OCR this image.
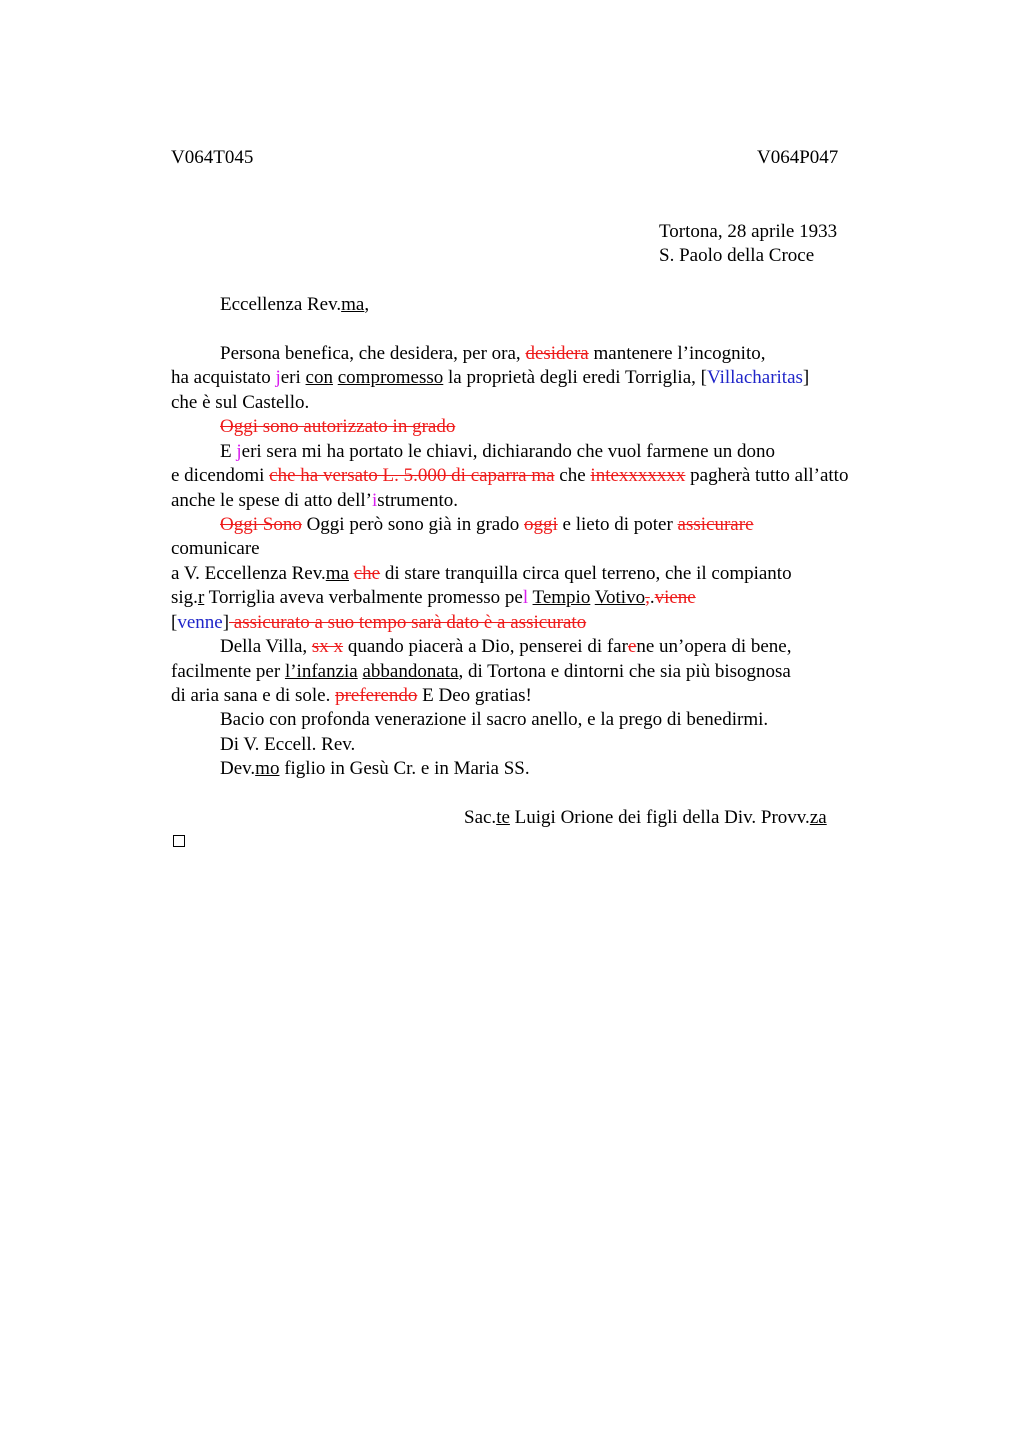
V064T045	V064P047
Tortona, 28 aprile 1933
S. Paolo della Croce
Eccellenza Rev.ma,
Persona benefica, che desidera, per ora, desidera mantenere l’incognito,
ha acquistato jeri con compromesso la proprietà degli eredi Torriglia, [Villacharitas]
che è sul Castello.
Oggi sono autorizzato in grado
E jeri sera mi ha portato le chiavi, dichiarando che vuol farmene un dono
e dicendomi che ha versato L. 5.000 di caparra ma che intexxxxxxx pagherà tutto all’atto
anche le spese di atto dell’istrumento.
Oggi Sono Oggi però sono già in grado oggi e lieto di poter assicurare
comunicare
a V. Eccellenza Rev.ma che di stare tranquilla circa quel terreno, che il compianto
sig.r Torriglia aveva verbalmente promesso pel Tempio Votivo,.viene
[venne] assicurato a suo tempo sarà dato è a assicurato
Della Villa, sx x quando piacerà a Dio, penserei di farene un’opera di bene,
facilmente per l’infanzia abbandonata, di Tortona e dintorni che sia più bisognosa
di aria sana e di sole. preferendo E Deo gratias!
Bacio con profonda venerazione il sacro anello, e la prego di benedirmi.
Di V. Eccell. Rev.
Dev.mo figlio in Gesù Cr. e in Maria SS.
Sac.te Luigi Orione dei figli della Div. Provv.za
